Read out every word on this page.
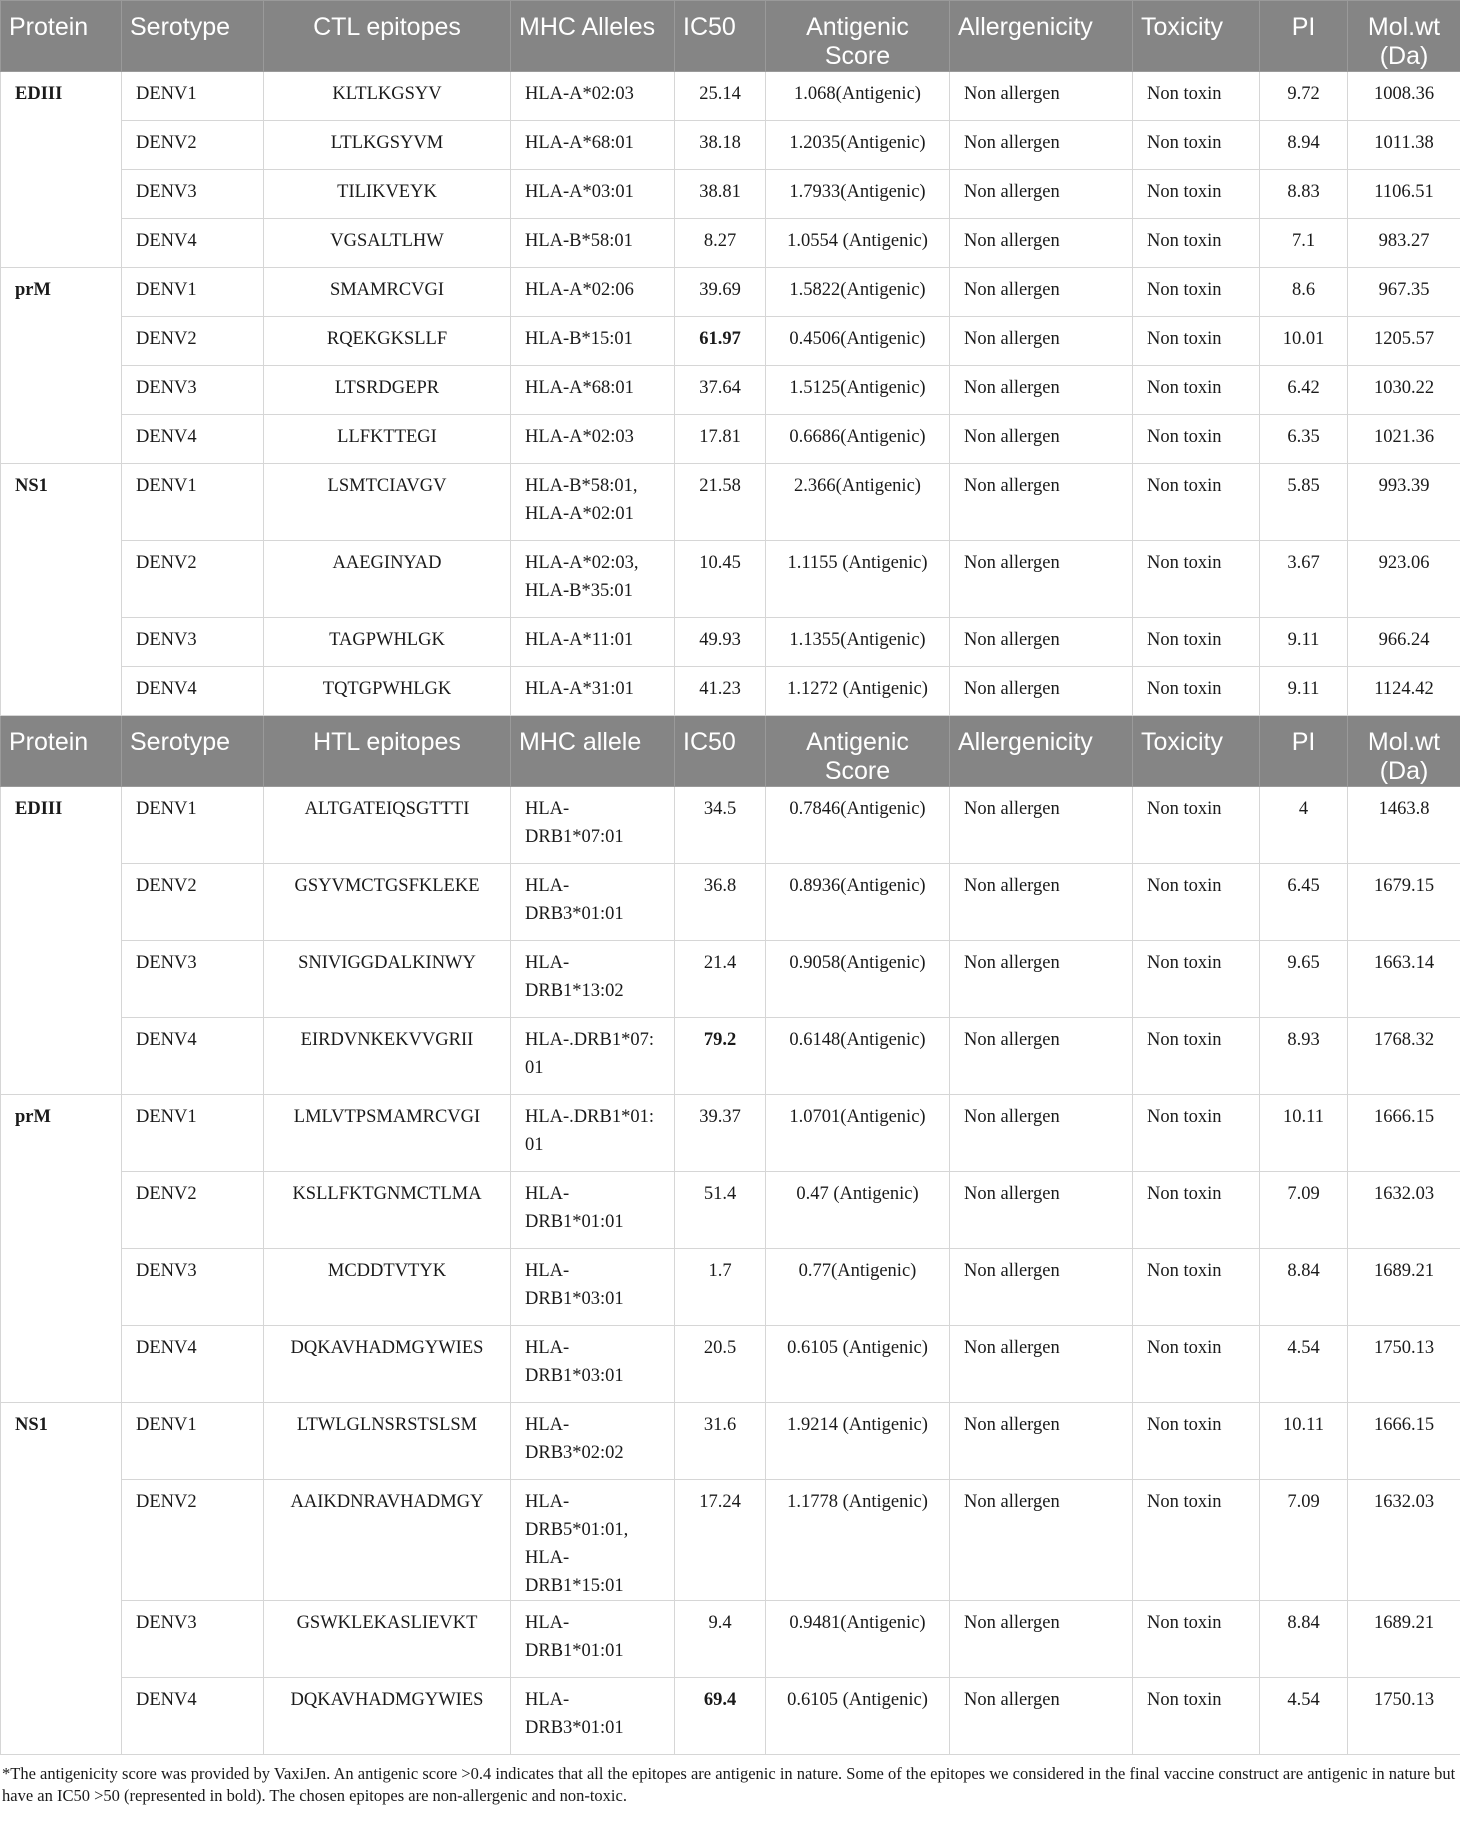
Protein	Serotype	CTL epitopes	MHC Alleles	IC50	Antigenic Score	Allergenicity	Toxicity	PI	Mol.wt (Da)
EDIII	DENV1	KLTLKGSYV	HLA-A*02:03	25.14	1.068(Antigenic)	Non allergen	Non toxin	9.72	1008.36
	DENV2	LTLKGSYVM	HLA-A*68:01	38.18	1.2035(Antigenic)	Non allergen	Non toxin	8.94	1011.38
	DENV3	TILIKVEYK	HLA-A*03:01	38.81	1.7933(Antigenic)	Non allergen	Non toxin	8.83	1106.51
	DENV4	VGSALTLHW	HLA-B*58:01	8.27	1.0554 (Antigenic)	Non allergen	Non toxin	7.1	983.27
prM	DENV1	SMAMRCVGI	HLA-A*02:06	39.69	1.5822(Antigenic)	Non allergen	Non toxin	8.6	967.35
	DENV2	RQEKGKSLLF	HLA-B*15:01	61.97	0.4506(Antigenic)	Non allergen	Non toxin	10.01	1205.57
	DENV3	LTSRDGEPR	HLA-A*68:01	37.64	1.5125(Antigenic)	Non allergen	Non toxin	6.42	1030.22
	DENV4	LLFKTTEGI	HLA-A*02:03	17.81	0.6686(Antigenic)	Non allergen	Non toxin	6.35	1021.36
NS1	DENV1	LSMTCIAVGV	HLA-B*58:01, HLA-A*02:01	21.58	2.366(Antigenic)	Non allergen	Non toxin	5.85	993.39
	DENV2	AAEGINYAD	HLA-A*02:03, HLA-B*35:01	10.45	1.1155 (Antigenic)	Non allergen	Non toxin	3.67	923.06
	DENV3	TAGPWHLGK	HLA-A*11:01	49.93	1.1355(Antigenic)	Non allergen	Non toxin	9.11	966.24
	DENV4	TQTGPWHLGK	HLA-A*31:01	41.23	1.1272 (Antigenic)	Non allergen	Non toxin	9.11	1124.42
Protein	Serotype	HTL epitopes	MHC allele	IC50	Antigenic Score	Allergenicity	Toxicity	PI	Mol.wt (Da)
EDIII	DENV1	ALTGATEIQSGTTTI	HLA-DRB1*07:01	34.5	0.7846(Antigenic)	Non allergen	Non toxin	4	1463.8
	DENV2	GSYVMCTGSFKLEKE	HLA-DRB3*01:01	36.8	0.8936(Antigenic)	Non allergen	Non toxin	6.45	1679.15
	DENV3	SNIVIGGDALKINWY	HLA-DRB1*13:02	21.4	0.9058(Antigenic)	Non allergen	Non toxin	9.65	1663.14
	DENV4	EIRDVNKEKVVGRII	HLA-.DRB1*07:01	79.2	0.6148(Antigenic)	Non allergen	Non toxin	8.93	1768.32
prM	DENV1	LMLVTPSMAMRCVGI	HLA-.DRB1*01:01	39.37	1.0701(Antigenic)	Non allergen	Non toxin	10.11	1666.15
	DENV2	KSLLFKTGNMCTLMA	HLA-DRB1*01:01	51.4	0.47 (Antigenic)	Non allergen	Non toxin	7.09	1632.03
	DENV3	MCDDTVTYK	HLA-DRB1*03:01	1.7	0.77(Antigenic)	Non allergen	Non toxin	8.84	1689.21
	DENV4	DQKAVHADMGYWIES	HLA-DRB1*03:01	20.5	0.6105 (Antigenic)	Non allergen	Non toxin	4.54	1750.13
NS1	DENV1	LTWLGLNSRSTSLSM	HLA-DRB3*02:02	31.6	1.9214 (Antigenic)	Non allergen	Non toxin	10.11	1666.15
	DENV2	AAIKDNRAVHADMGY	HLA-DRB5*01:01, HLA-DRB1*15:01	17.24	1.1778 (Antigenic)	Non allergen	Non toxin	7.09	1632.03
	DENV3	GSWKLEKASLIEVKT	HLA-DRB1*01:01	9.4	0.9481(Antigenic)	Non allergen	Non toxin	8.84	1689.21
	DENV4	DQKAVHADMGYWIES	HLA-DRB3*01:01	69.4	0.6105 (Antigenic)	Non allergen	Non toxin	4.54	1750.13
*The antigenicity score was provided by VaxiJen. An antigenic score >0.4 indicates that all the epitopes are antigenic in nature. Some of the epitopes we considered in the final vaccine construct are antigenic in nature but have an IC50 >50 (represented in bold). The chosen epitopes are non-allergenic and non-toxic.
